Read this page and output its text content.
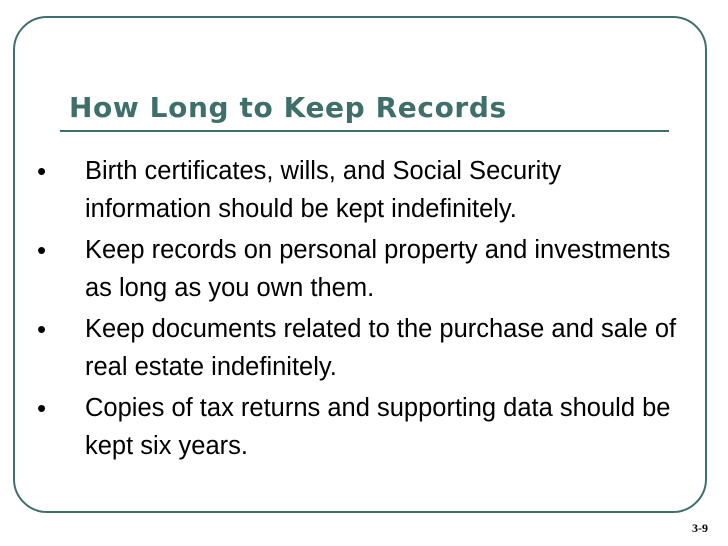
How Long to Keep Records
• Birth certificates, wills, and Social Security information should be kept indefinitely.
• Keep records on personal property and investments as long as you own them.
• Keep documents related to the purchase and sale of real estate indefinitely.
• Copies of tax returns and supporting data should be kept six years.
3-9
